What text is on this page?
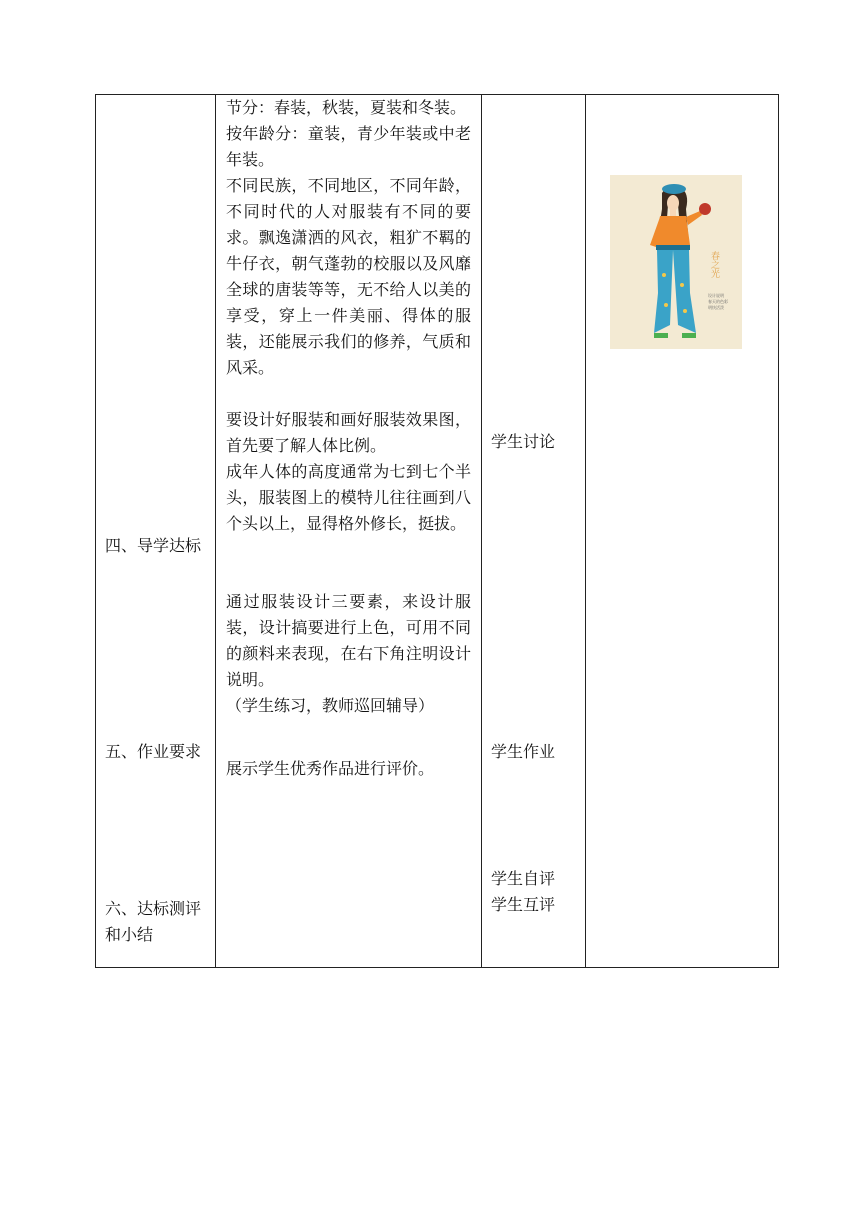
节分：春装，秋装，夏装和冬装。
按年龄分：童装，青少年装或中老年装。
不同民族，不同地区，不同年龄，不同时代的人对服装有不同的要求。飘逸潇洒的风衣，粗犷不羁的牛仔衣，朝气蓬勃的校服以及风靡全球的唐装等等，无不给人以美的享受，穿上一件美丽、得体的服装，还能展示我们的修养，气质和风采。
要设计好服装和画好服装效果图，首先要了解人体比例。
成年人体的高度通常为七到七个半头，服装图上的模特儿往往画到八个头以上，显得格外修长，挺拔。
通过服装设计三要素，来设计服装，设计搞要进行上色，可用不同的颜料来表现，在右下角注明设计说明。
（学生练习，教师巡回辅导）
展示学生优秀作品进行评价。
四、导学达标
五、作业要求
六、达标测评
和小结
学生讨论
学生作业
学生自评
学生互评
春之光
设计说明
春天的色彩
明快活泼
